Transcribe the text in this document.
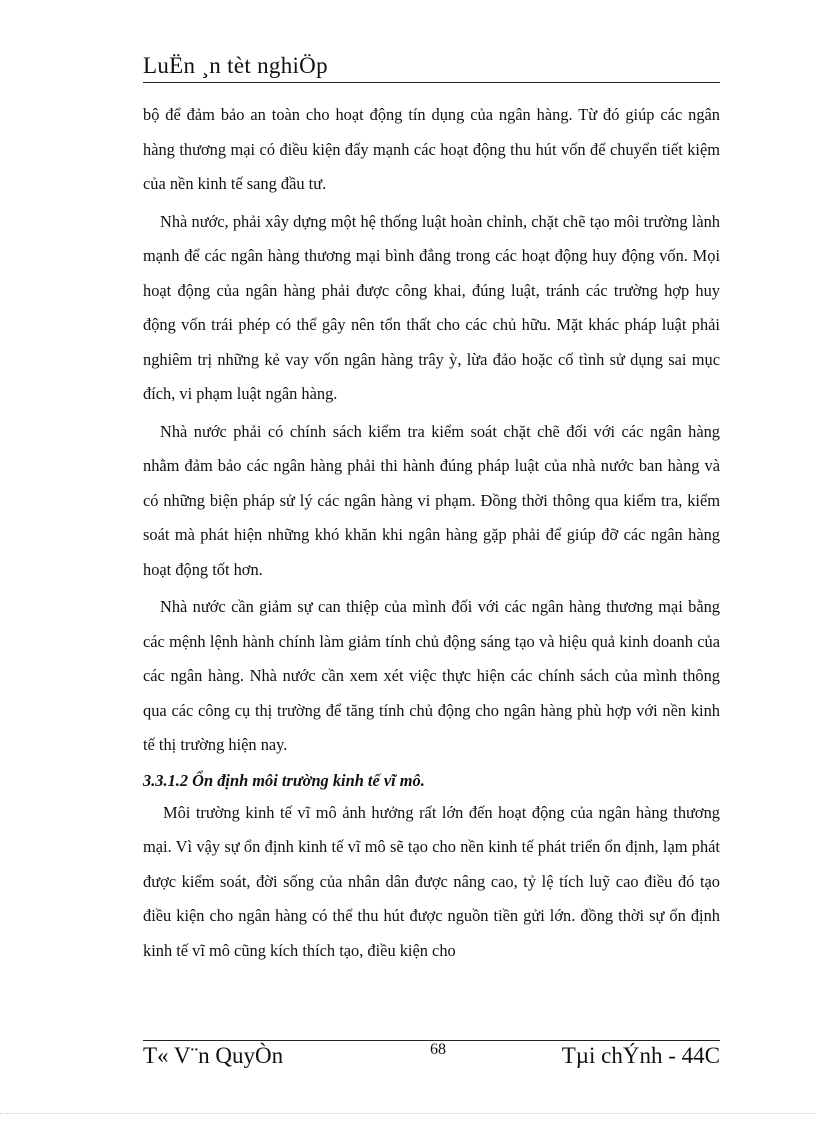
LuËn ¸n tèt nghiÖp

bộ để đảm bảo an toàn cho hoạt động tín dụng của ngân hàng. Từ đó giúp các ngân hàng thương mại có điều kiện đẩy mạnh các hoạt động thu hút vốn để chuyển tiết kiệm của nền kinh tế sang đầu tư.

Nhà nước, phải xây dựng một hệ thống luật hoàn chỉnh, chặt chẽ tạo môi trường lành mạnh để các ngân hàng thương mại bình đẳng trong các hoạt động huy động vốn. Mọi hoạt động của ngân hàng phải được công khai, đúng luật, tránh các trường hợp huy động vốn trái phép có thể gây nên tổn thất cho các chủ hữu. Mặt khác pháp luật phải nghiêm trị những kẻ vay vốn ngân hàng trây ỳ, lừa đảo hoặc cố tình sử dụng sai mục đích, vi phạm luật ngân hàng.

Nhà nước phải có chính sách kiểm tra kiểm soát chặt chẽ đối với các ngân hàng nhằm đảm bảo các ngân hàng phải thi hành đúng pháp luật của nhà nước ban hàng và có những biện pháp sử lý các ngân hàng vi phạm. Đồng thời thông qua kiểm tra, kiểm soát mà phát hiện những khó khăn khi ngân hàng gặp phải để giúp đỡ các ngân hàng hoạt động tốt hơn.

Nhà nước cần giảm sự can thiệp của mình đối với các ngân hàng thương mại bằng các mệnh lệnh hành chính làm giảm tính chủ động sáng tạo và hiệu quả kinh doanh của các ngân hàng. Nhà nước cần xem xét việc thực hiện các chính sách của mình thông qua các công cụ thị trường để tăng tính chủ động cho ngân hàng phù hợp với nền kinh tế thị trường hiện nay.

3.3.1.2 Ổn định môi trường kinh tế vĩ mô.

Môi trường kinh tế vĩ mô ảnh hưởng rất lớn đến hoạt động của ngân hàng thương mại. Vì vậy sự ổn định kinh tế vĩ mô sẽ tạo cho nền kinh tế phát triển ổn định, lạm phát được kiểm soát, đời sống của nhân dân được nâng cao, tỷ lệ tích luỹ cao điều đó tạo điều kiện cho ngân hàng có thể thu hút được nguồn tiền gửi lớn. đồng thời sự ổn định kinh tế vĩ mô cũng kích thích tạo, điều kiện cho

T« V¨n QuyÒn	68	Tµi chÝnh - 44C
